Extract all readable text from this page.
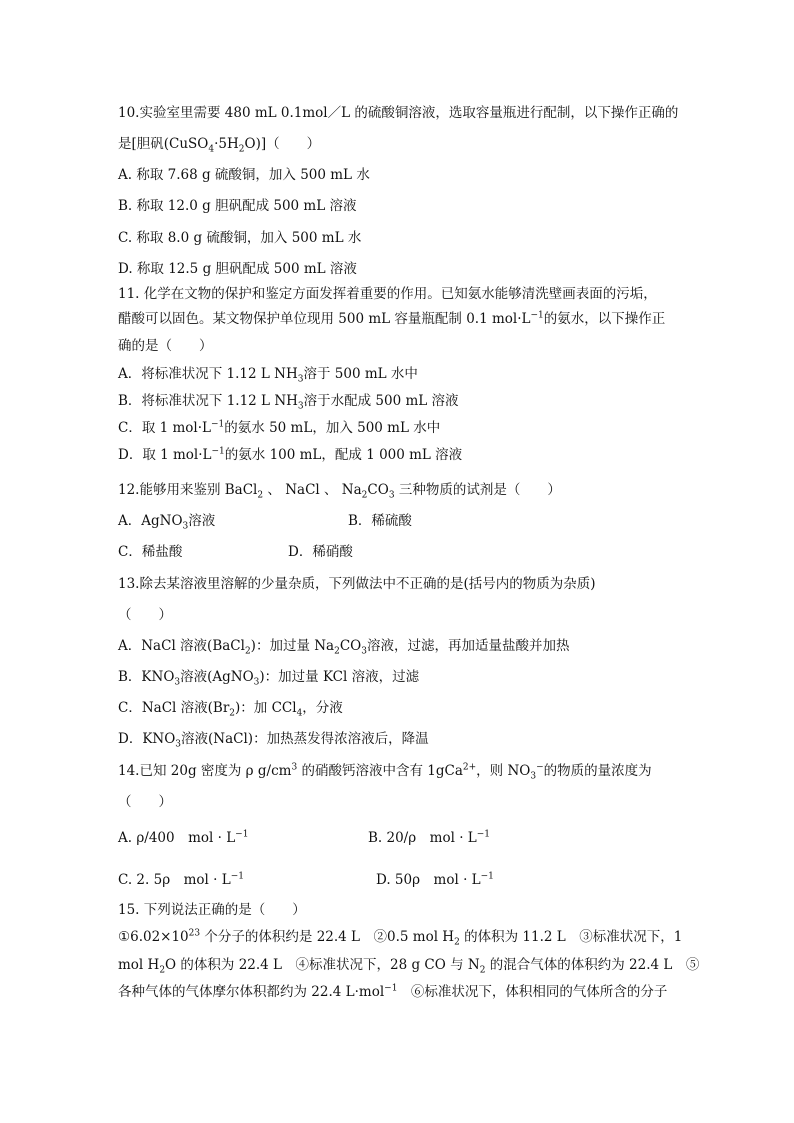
10.实验室里需要 480 mL 0.1mol／L 的硫酸铜溶液，选取容量瓶进行配制，以下操作正确的
是[胆矾$(CuSO_4\cdot 5H_2O)$]（　　）
A. 称取 7.68 g 硫酸铜，加入 500 mL 水
B. 称取 12.0 g 胆矾配成 500 mL 溶液
C. 称取 8.0 g 硫酸铜，加入 500 mL 水
D. 称取 12.5 g 胆矾配成 500 mL 溶液
11. 化学在文物的保护和鉴定方面发挥着重要的作用。已知氨水能够清洗壁画表面的污垢，
醋酸可以固色。某文物保护单位现用 500 mL 容量瓶配制 0.1 $mol\cdot L^{-1}$的氨水，以下操作正
确的是（　　）
A．将标准状况下 1.12 L $NH_3$溶于 500 mL 水中
B．将标准状况下 1.12 L $NH_3$溶于水配成 500 mL 溶液
C．取 1 $mol\cdot L^{-1}$的氨水 50 mL，加入 500 mL 水中
D．取 1 $mol\cdot L^{-1}$的氨水 100 mL，配成 1 000 mL 溶液
12.能够用来鉴别 BaCl$_2$ 、 NaCl 、 $Na_2CO_3$ 三种物质的试剂是（　　）
A．AgNO$_3$溶液	B．稀硫酸
C．稀盐酸	D．稀硝酸
13.除去某溶液里溶解的少量杂质，下列做法中不正确的是(括号内的物质为杂质)
（　　）
A．NaCl 溶液(BaCl$_2$)：加过量 $Na_2CO_3$溶液，过滤，再加适量盐酸并加热
B．$KNO_3$溶液(AgNO$_3$)：加过量 KCl 溶液，过滤
C．NaCl 溶液$(Br_2)$：加 CCl$_4$，分液
D．$KNO_3$溶液(NaCl)：加热蒸发得浓溶液后，降温
14.已知 20g 密度为 ρ $g/cm^3$ 的硝酸钙溶液中含有 1gCa$^{2+}$，则 $NO_3^-$的物质的量浓度为
（　　）
A. ρ/400　mol · $L^{-1}$	B. 20/ρ　mol · $L^{-1}$
C. 2. 5ρ　mol · $L^{-1}$	D. 50ρ　mol · $L^{-1}$
15. 下列说法正确的是（　　）
$①6.02\times 10^{23}$ 个分子的体积约是 22.4 L　②0.5 mol $H_2$ 的体积为 11.2 L　③标准状况下，1
mol $H_2O$ 的体积为 22.4 L　④标准状况下，28 g CO 与 $N_2$ 的混合气体的体积约为 22.4 L　⑤
各种气体的气体摩尔体积都约为 22.4 L·mol$^{-1}$　⑥标准状况下，体积相同的气体所含的分子
